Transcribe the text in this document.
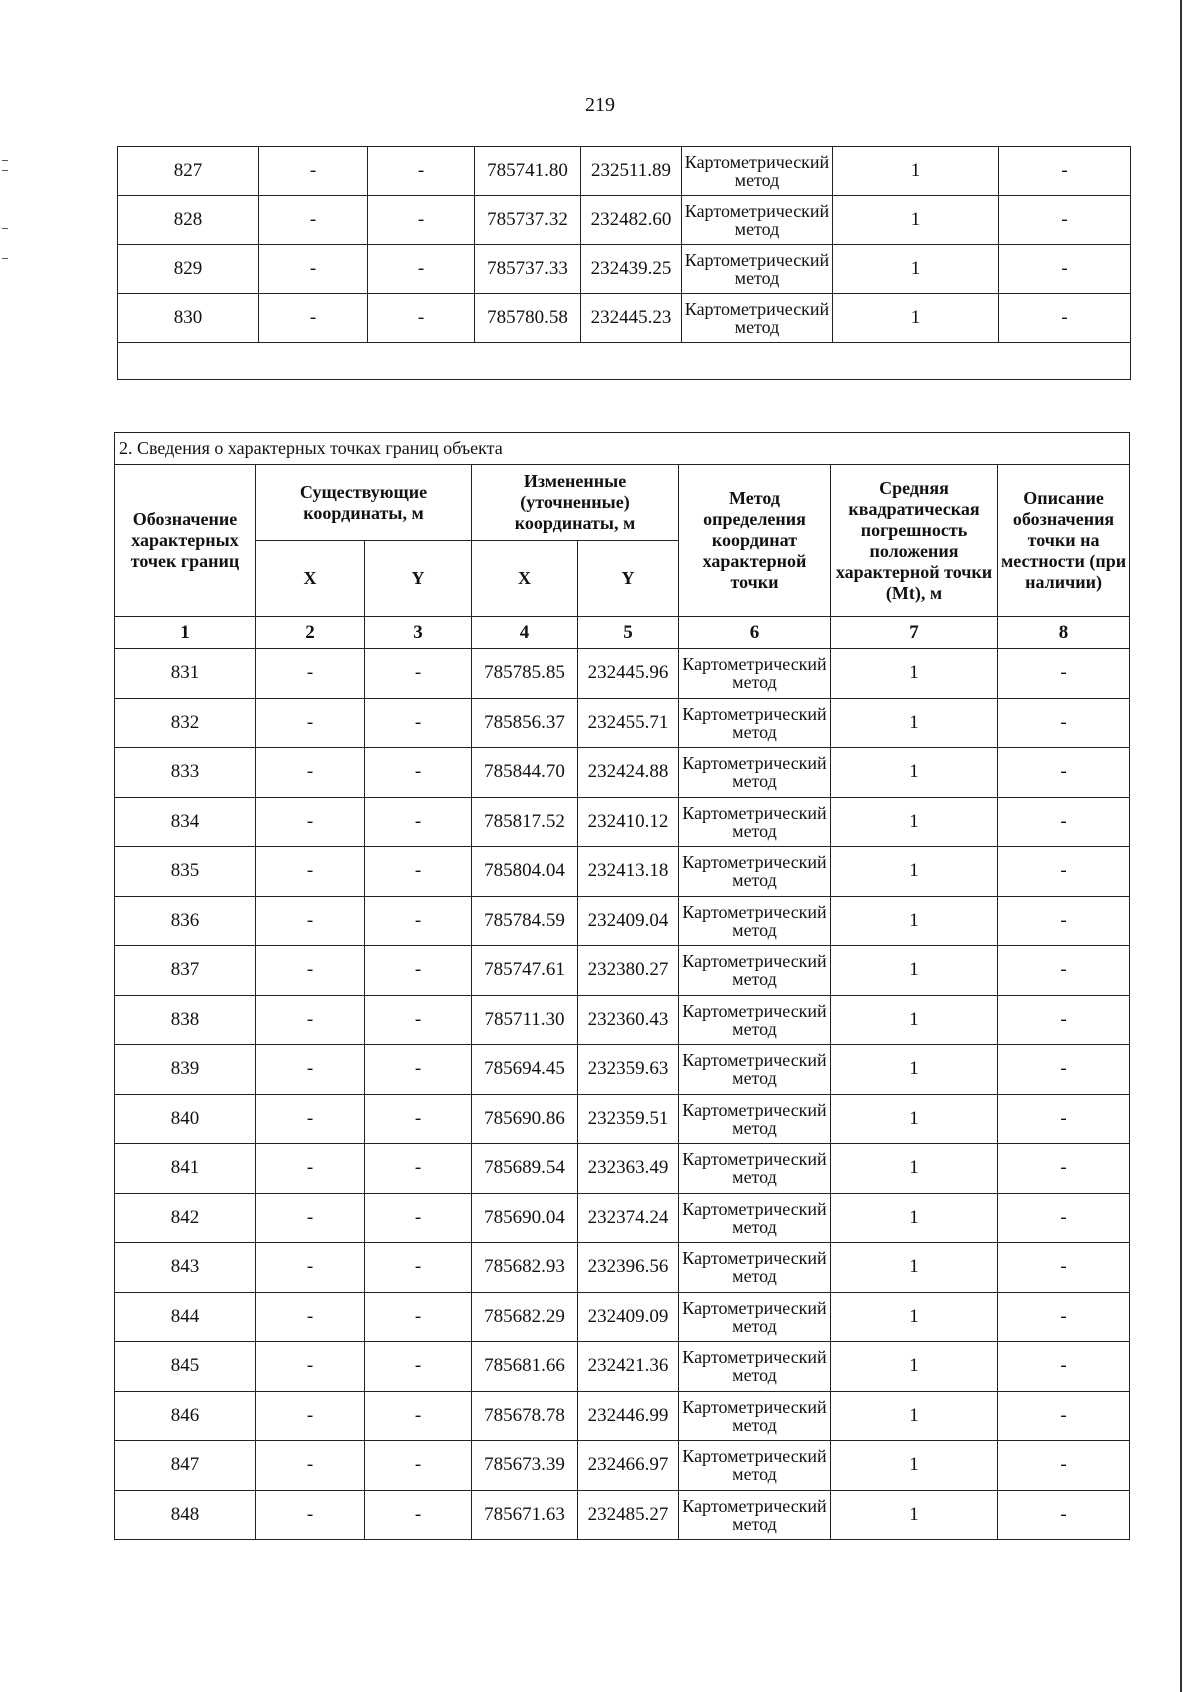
219
827	-	-	785741.80	232511.89	Картометрический метод	1	-
828	-	-	785737.32	232482.60	Картометрический метод	1	-
829	-	-	785737.33	232439.25	Картометрический метод	1	-
830	-	-	785780.58	232445.23	Картометрический метод	1	-

2. Сведения о характерных точках границ объекта							
Обозначение характерных точек границ	Существующие координаты, м		Измененные (уточненные) координаты, м		Метод определения координат характерной точки	Средняя квадратическая погрешность положения характерной точки (Mt), м	Описание обозначения точки на местности (при наличии)
	X	Y	X	Y			
1	2	3	4	5	6	7	8
831	-	-	785785.85	232445.96	Картометрический метод	1	-
832	-	-	785856.37	232455.71	Картометрический метод	1	-
833	-	-	785844.70	232424.88	Картометрический метод	1	-
834	-	-	785817.52	232410.12	Картометрический метод	1	-
835	-	-	785804.04	232413.18	Картометрический метод	1	-
836	-	-	785784.59	232409.04	Картометрический метод	1	-
837	-	-	785747.61	232380.27	Картометрический метод	1	-
838	-	-	785711.30	232360.43	Картометрический метод	1	-
839	-	-	785694.45	232359.63	Картометрический метод	1	-
840	-	-	785690.86	232359.51	Картометрический метод	1	-
841	-	-	785689.54	232363.49	Картометрический метод	1	-
842	-	-	785690.04	232374.24	Картометрический метод	1	-
843	-	-	785682.93	232396.56	Картометрический метод	1	-
844	-	-	785682.29	232409.09	Картометрический метод	1	-
845	-	-	785681.66	232421.36	Картометрический метод	1	-
846	-	-	785678.78	232446.99	Картометрический метод	1	-
847	-	-	785673.39	232466.97	Картометрический метод	1	-
848	-	-	785671.63	232485.27	Картометрический метод	1	-
